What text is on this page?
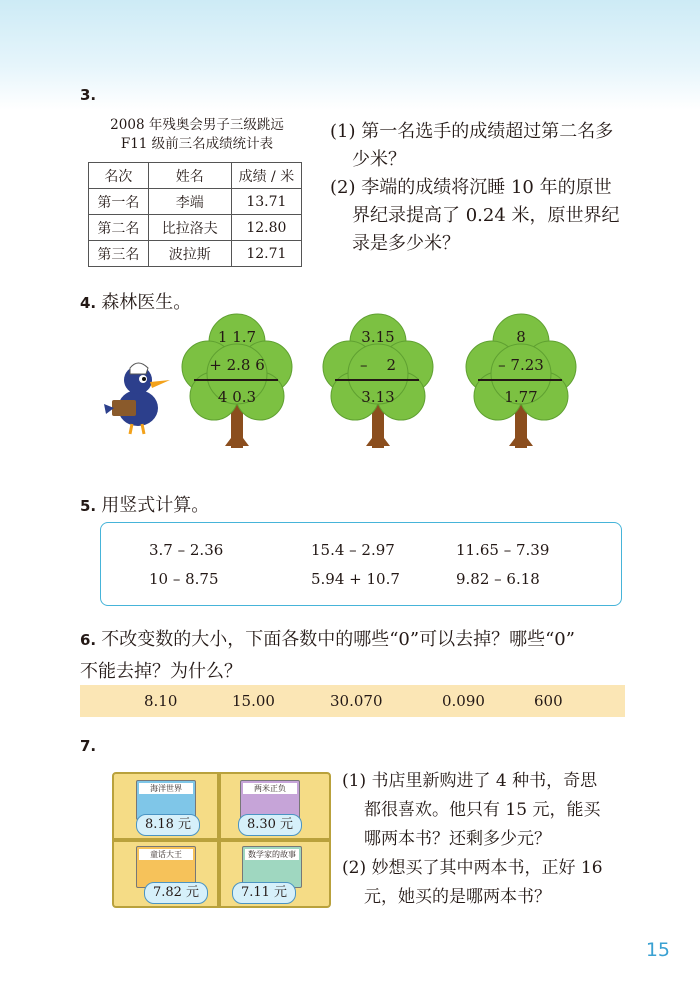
3.
2008 年残奥会男子三级跳远
F11 级前三名成绩统计表
名次	姓名	成绩 / 米
第一名	李端	13.71
第二名	比拉洛夫	12.80
第三名	波拉斯	12.71
(1) 第一名选手的成绩超过第二名多
少米？
(2) 李端的成绩将沉睡 10 年的原世
界纪录提高了 0.24 米，原世界纪
录是多少米？
4. 森林医生。
1 1.7
+ 2.8 6
4 0.3
3.15
–    2
3.13
8
– 7.23
1.77
5. 用竖式计算。
3.7 – 2.36	15.4 – 2.97	11.65 – 7.39
10 – 8.75	5.94 + 10.7	9.82 – 6.18
6. 不改变数的大小，下面各数中的哪些“0”可以去掉？哪些“0”
不能去掉？为什么？
8.10	15.00	30.070	0.090	600
7.
海洋世界
8.18 元
两米正负
8.30 元
童话大王
7.82 元
数学家的故事
7.11 元
(1) 书店里新购进了 4 种书，奇思
都很喜欢。他只有 15 元，能买
哪两本书？还剩多少元？
(2) 妙想买了其中两本书，正好 16
元，她买的是哪两本书？
15
